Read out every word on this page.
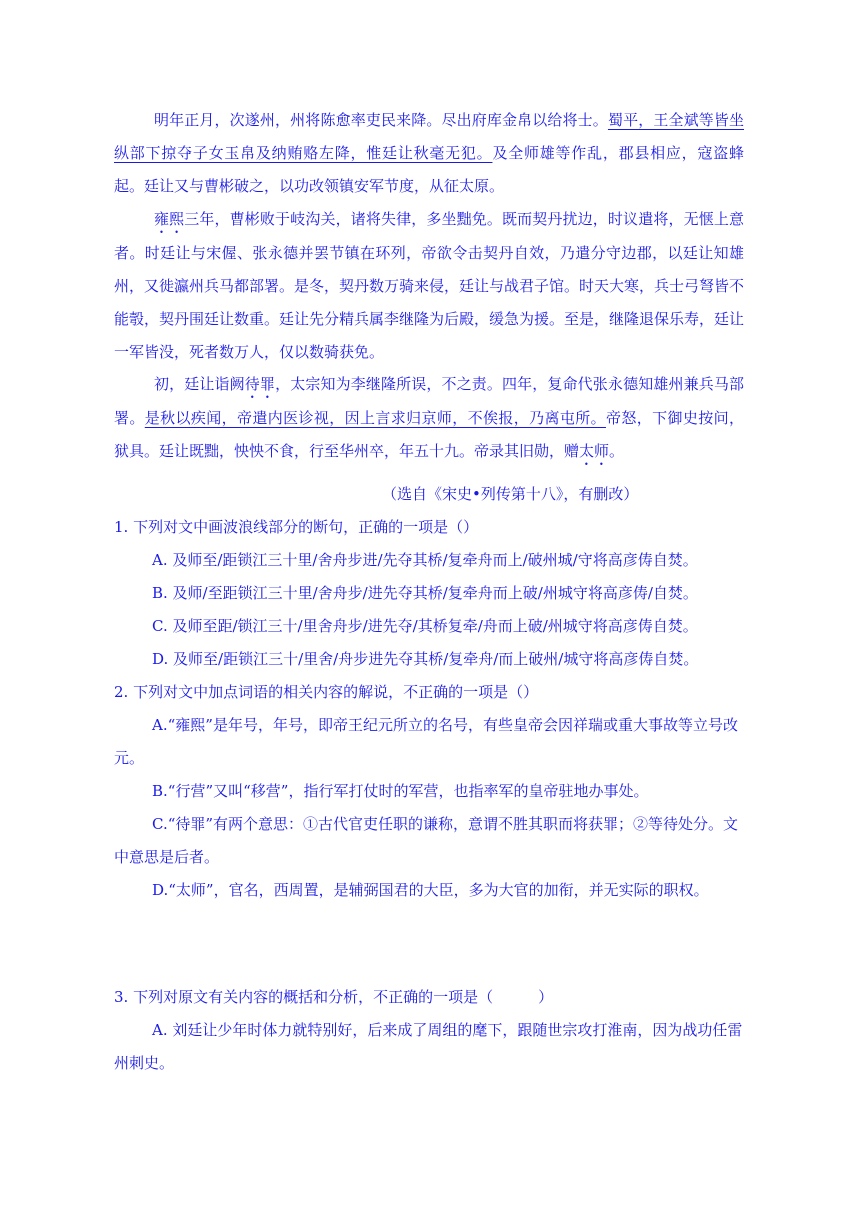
明年正月，次遂州，州将陈愈率吏民来降。尽出府库金帛以给将士。蜀平，王全斌等皆坐纵部下掠夺子女玉帛及纳贿赂左降，惟廷让秋毫无犯。及全师雄等作乱，郡县相应，寇盗蜂起。廷让又与曹彬破之，以功改领镇安军节度，从征太原。

雍熙三年，曹彬败于岐沟关，诸将失律，多坐黜免。既而契丹扰边，时议遣将，无惬上意者。时廷让与宋偓、张永德并罢节镇在环列，帝欲令击契丹自效，乃遣分守边郡，以廷让知雄州，又徙瀛州兵马都部署。是冬，契丹数万骑来侵，廷让与战君子馆。时天大寒，兵士弓弩皆不能彀，契丹围廷让数重。廷让先分精兵属李继隆为后殿，缓急为援。至是，继隆退保乐寿，廷让一军皆没，死者数万人，仅以数骑获免。

初，廷让诣阙待罪，太宗知为李继隆所误，不之责。四年，复命代张永德知雄州兼兵马部署。是秋以疾闻，帝遣内医诊视，因上言求归京师，不俟报，乃离屯所。帝怒，下御史按问，狱具。廷让既黜，怏怏不食，行至华州卒，年五十九。帝录其旧勋，赠太师。

（选自《宋史•列传第十八》，有删改）

1. 下列对文中画波浪线部分的断句，正确的一项是（）

A. 及师至/距锁江三十里/舍舟步进/先夺其桥/复牵舟而上/破州城/守将高彦俦自焚。

B. 及师/至距锁江三十里/舍舟步/进先夺其桥/复牵舟而上破/州城守将高彦俦/自焚。

C. 及师至距/锁江三十/里舍舟步/进先夺/其桥复牵/舟而上破/州城守将高彦俦自焚。

D. 及师至/距锁江三十/里舍/舟步进先夺其桥/复牵舟/而上破州/城守将高彦俦自焚。

2. 下列对文中加点词语的相关内容的解说，不正确的一项是（）

A.“雍熙”是年号，年号，即帝王纪元所立的名号，有些皇帝会因祥瑞或重大事故等立号改元。

B.“行营”又叫“移营”，指行军打仗时的军营，也指率军的皇帝驻地办事处。

C.“待罪”有两个意思：①古代官吏任职的谦称，意谓不胜其职而将获罪；②等待处分。文中意思是后者。

D.“太师”，官名，西周置，是辅弼国君的大臣，多为大官的加衔，并无实际的职权。

3. 下列对原文有关内容的概括和分析，不正确的一项是（　　　）

A. 刘廷让少年时体力就特别好，后来成了周组的麾下，跟随世宗攻打淮南，因为战功任雷州刺史。
